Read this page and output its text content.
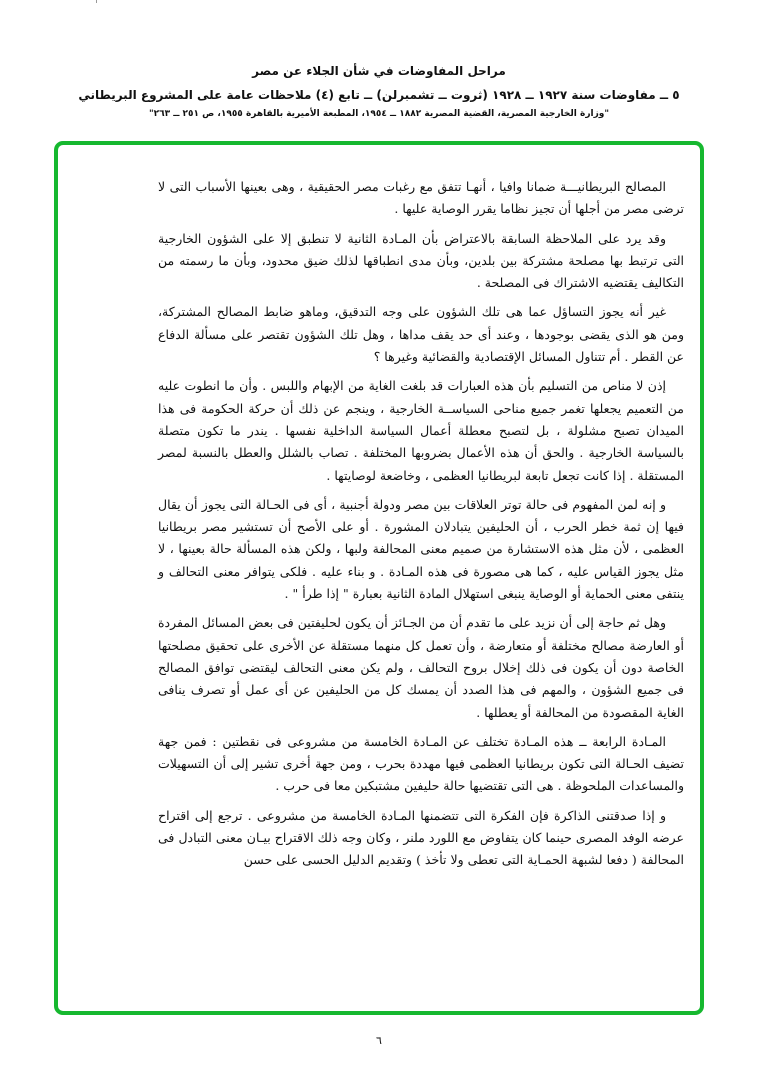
مراحل المفاوضات في شأن الجلاء عن مصر
٥ ــ مفاوضات سنة ١٩٢٧ ــ ١٩٢٨ (ثروت ــ تشمبرلن) ــ تابع (٤) ملاحظات عامة على المشروع البريطاني
"وزارة الخارجية المصرية، القضية المصرية ١٨٨٢ ــ ١٩٥٤، المطبعة الأميرية بالقاهرة ١٩٥٥، ص ٢٥١ ــ ٢٦٣"

المصالح البريطانيـــة ضمانا وافيا ، أنهـا تتفق مع رغبات مصر الحقيقية ، وهى بعينها الأسباب التى لا ترضى مصر من أجلها أن تجيز نظاما يقرر الوصاية عليها .

وقد يرد على الملاحظة السابقة بالاعتراض بأن المـادة الثانية لا تنطبق إلا على الشؤون الخارجية التى ترتبط بها مصلحة مشتركة بين بلدين، وبأن مدى انطباقها لذلك ضيق محدود، وبأن ما رسمته من التكاليف يقتضيه الاشتراك فى المصلحة .

غير أنه يجوز التساؤل عما هى تلك الشؤون على وجه التدقيق، وماهو ضابط المصالح المشتركة، ومن هو الذى يقضى بوجودها ، وعند أى حد يقف مداها ، وهل تلك الشؤون تقتصر على مسألة الدفاع عن القطر . أم تتناول المسائل الإقتصادية والقضائية وغيرها ؟

إذن لا مناص من التسليم بأن هذه العبارات قد بلغت الغاية من الإبهام واللبس . وأن ما انطوت عليه من التعميم يجعلها تغمر جميع مناحى السياســة الخارجية ، وينجم عن ذلك أن حركة الحكومة فى هذا الميدان تصبح مشلولة ، بل لتصبح معطلة أعمال السياسة الداخلية نفسها . يندر ما تكون متصلة بالسياسة الخارجية . والحق أن هذه الأعمال بضروبها المختلفة . تصاب بالشلل والعطل بالنسبة لمصر المستقلة . إذا كانت تجعل تابعة لبريطانيا العظمى ، وخاضعة لوصايتها .

و إنه لمن المفهوم فى حالة توتر العلاقات بين مصر ودولة أجنبية ، أى فى الحـالة التى يجوز أن يقال فيها إن ثمة خطر الحرب ، أن الحليفين يتبادلان المشورة . أو على الأصح أن تستشير مصر بريطانيا العظمى ، لأن مثل هذه الاستشارة من صميم معنى المحالفة ولبها ، ولكن هذه المسألة حالة بعينها ، لا مثل يجوز القياس عليه ، كما هى مصورة فى هذه المـادة . و بناء عليه . فلكى يتوافر معنى التحالف و ينتفى معنى الحماية أو الوصاية ينبغى استهلال المادة الثانية بعبارة " إذا طرأ " .

وهل ثم حاجة إلى أن نزيد على ما تقدم أن من الجـائز أن يكون لحليفتين فى بعض المسائل المفردة أو العارضة مصالح مختلفة أو متعارضة ، وأن تعمل كل منهما مستقلة عن الأخرى على تحقيق مصلحتها الخاصة دون أن يكون فى ذلك إخلال بروح التحالف ، ولم يكن معنى التحالف ليقتضى توافق المصالح فى جميع الشؤون ، والمهم فى هذا الصدد أن يمسك كل من الحليفين عن أى عمل أو تصرف ينافى الغاية المقصودة من المحالفة أو يعطلها .

المـادة الرابعة ــ هذه المـادة تختلف عن المـادة الخامسة من مشروعى فى نقطتين : فمن جهة تضيف الحـالة التى تكون بريطانيا العظمى فيها مهددة بحرب ، ومن جهة أخرى تشير إلى أن التسهيلات والمساعدات الملحوظة . هى التى تقتضيها حالة حليفين مشتبكين معا فى حرب .

و إذا صدقتنى الذاكرة فإن الفكرة التى تتضمنها المـادة الخامسة من مشروعى . ترجع إلى اقتراح عرضه الوفد المصرى حينما كان يتفاوض مع اللورد ملنر ، وكان وجه ذلك الاقتراح بيـان معنى التبادل فى المحالفة ( دفعا لشبهة الحمـاية التى تعطى ولا تأخذ ) وتقديم الدليل الحسى على حسن

٦
